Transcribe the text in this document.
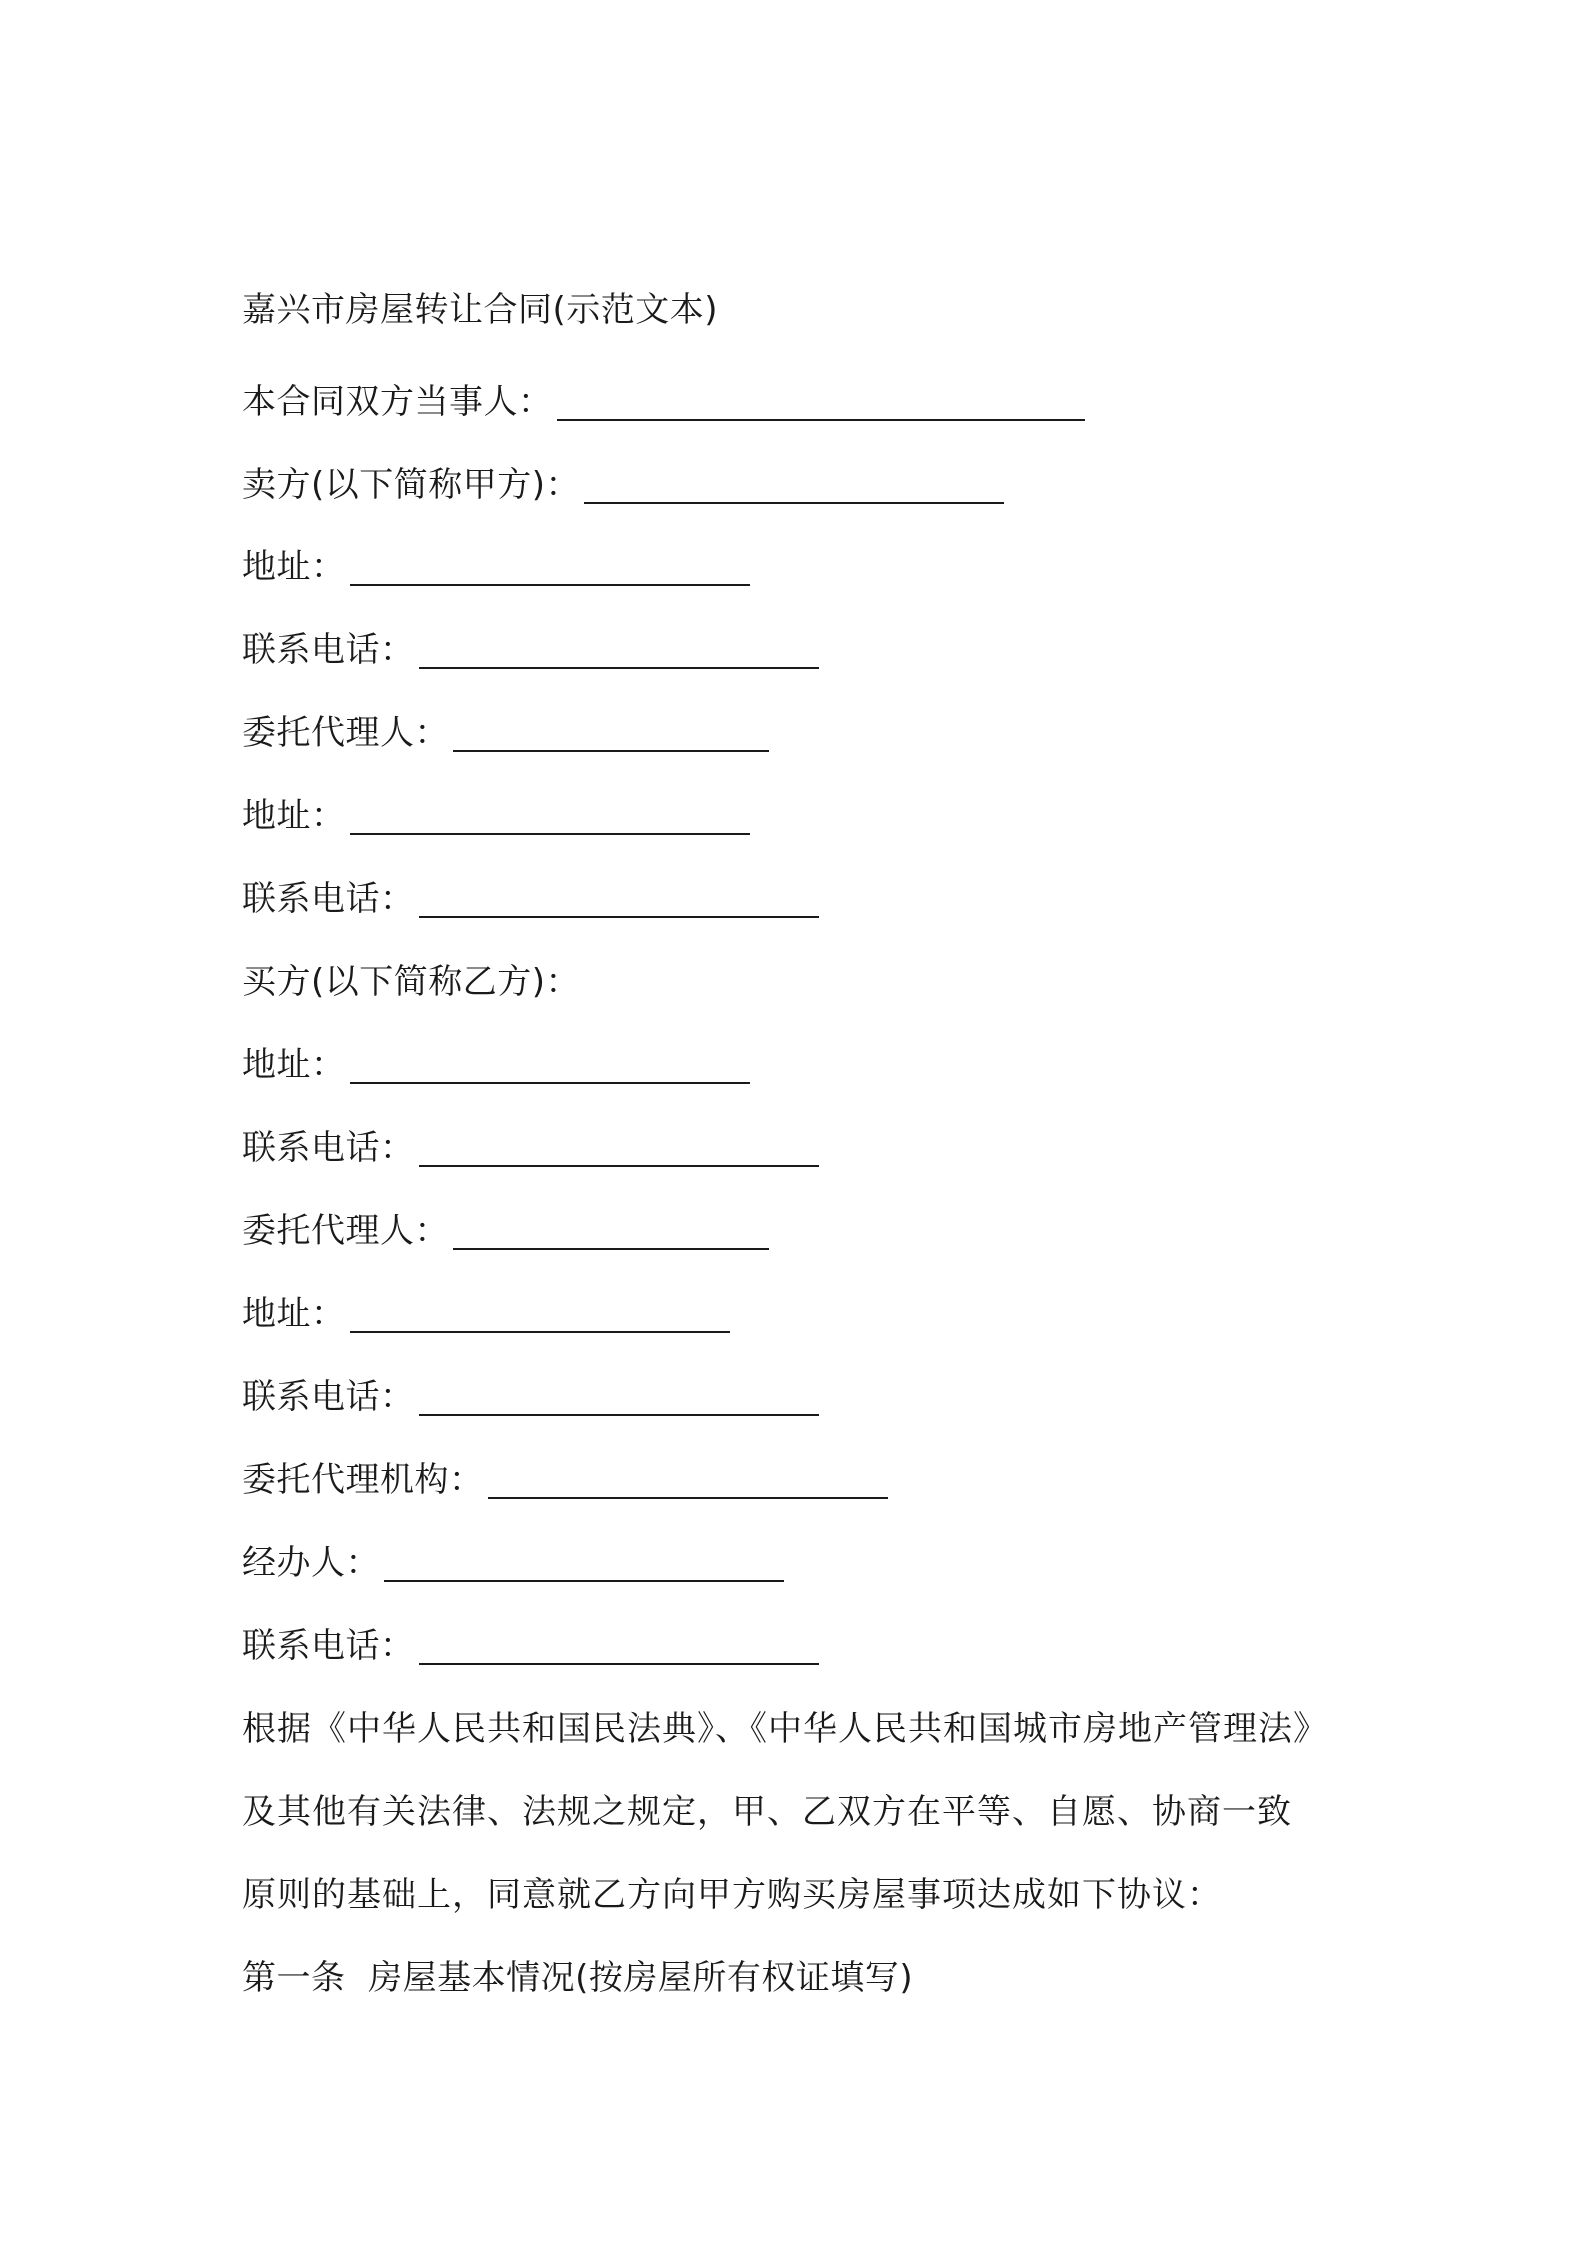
嘉兴市房屋转让合同(示范文本)
本合同双方当事人：
卖方(以下简称甲方)：
地址：
联系电话：
委托代理人：
地址：
联系电话：
买方(以下简称乙方)：
地址：
联系电话：
委托代理人：
地址：
联系电话：
委托代理机构：
经办人：
联系电话：
根据《中华人民共和国民法典》、《中华人民共和国城市房地产管理法》
及其他有关法律、法规之规定，甲、乙双方在平等、自愿、协商一致
原则的基础上，同意就乙方向甲方购买房屋事项达成如下协议：
第一条  房屋基本情况(按房屋所有权证填写)
